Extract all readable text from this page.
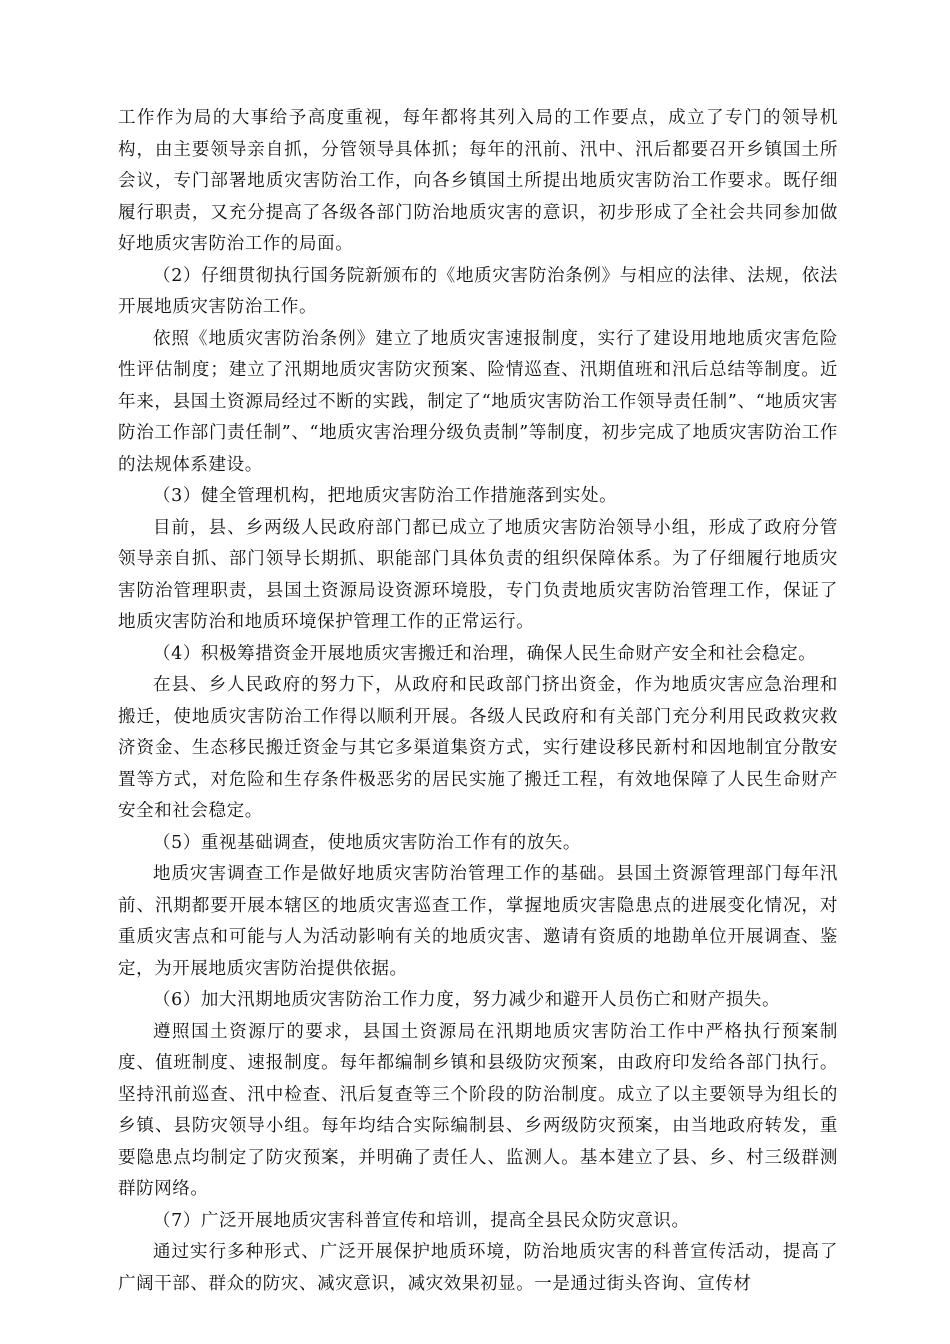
工作作为局的大事给予高度重视，每年都将其列入局的工作要点，成立了专门的领导机构，由主要领导亲自抓，分管领导具体抓；每年的汛前、汛中、汛后都要召开乡镇国土所会议，专门部署地质灾害防治工作，向各乡镇国土所提出地质灾害防治工作要求。既仔细履行职责，又充分提高了各级各部门防治地质灾害的意识，初步形成了全社会共同参加做好地质灾害防治工作的局面。

（2）仔细贯彻执行国务院新颁布的《地质灾害防治条例》与相应的法律、法规，依法开展地质灾害防治工作。

依照《地质灾害防治条例》建立了地质灾害速报制度，实行了建设用地地质灾害危险性评估制度；建立了汛期地质灾害防灾预案、险情巡查、汛期值班和汛后总结等制度。近年来，县国土资源局经过不断的实践，制定了“地质灾害防治工作领导责任制”、“地质灾害防治工作部门责任制”、“地质灾害治理分级负责制”等制度，初步完成了地质灾害防治工作的法规体系建设。

（3）健全管理机构，把地质灾害防治工作措施落到实处。

目前，县、乡两级人民政府部门都已成立了地质灾害防治领导小组，形成了政府分管领导亲自抓、部门领导长期抓、职能部门具体负责的组织保障体系。为了仔细履行地质灾害防治管理职责，县国土资源局设资源环境股，专门负责地质灾害防治管理工作，保证了地质灾害防治和地质环境保护管理工作的正常运行。

（4）积极筹措资金开展地质灾害搬迁和治理，确保人民生命财产安全和社会稳定。

在县、乡人民政府的努力下，从政府和民政部门挤出资金，作为地质灾害应急治理和搬迁，使地质灾害防治工作得以顺利开展。各级人民政府和有关部门充分利用民政救灾救济资金、生态移民搬迁资金与其它多渠道集资方式，实行建设移民新村和因地制宜分散安置等方式，对危险和生存条件极恶劣的居民实施了搬迁工程，有效地保障了人民生命财产安全和社会稳定。

（5）重视基础调查，使地质灾害防治工作有的放矢。

地质灾害调查工作是做好地质灾害防治管理工作的基础。县国土资源管理部门每年汛前、汛期都要开展本辖区的地质灾害巡查工作，掌握地质灾害隐患点的进展变化情况，对重质灾害点和可能与人为活动影响有关的地质灾害、邀请有资质的地勘单位开展调查、鉴定，为开展地质灾害防治提供依据。

（6）加大汛期地质灾害防治工作力度，努力减少和避开人员伤亡和财产损失。

遵照国土资源厅的要求，县国土资源局在汛期地质灾害防治工作中严格执行预案制度、值班制度、速报制度。每年都编制乡镇和县级防灾预案，由政府印发给各部门执行。坚持汛前巡查、汛中检查、汛后复查等三个阶段的防治制度。成立了以主要领导为组长的乡镇、县防灾领导小组。每年均结合实际编制县、乡两级防灾预案，由当地政府转发，重要隐患点均制定了防灾预案，并明确了责任人、监测人。基本建立了县、乡、村三级群测群防网络。

（7）广泛开展地质灾害科普宣传和培训，提高全县民众防灾意识。

通过实行多种形式、广泛开展保护地质环境，防治地质灾害的科普宣传活动，提高了广阔干部、群众的防灾、减灾意识，减灾效果初显。一是通过街头咨询、宣传材
